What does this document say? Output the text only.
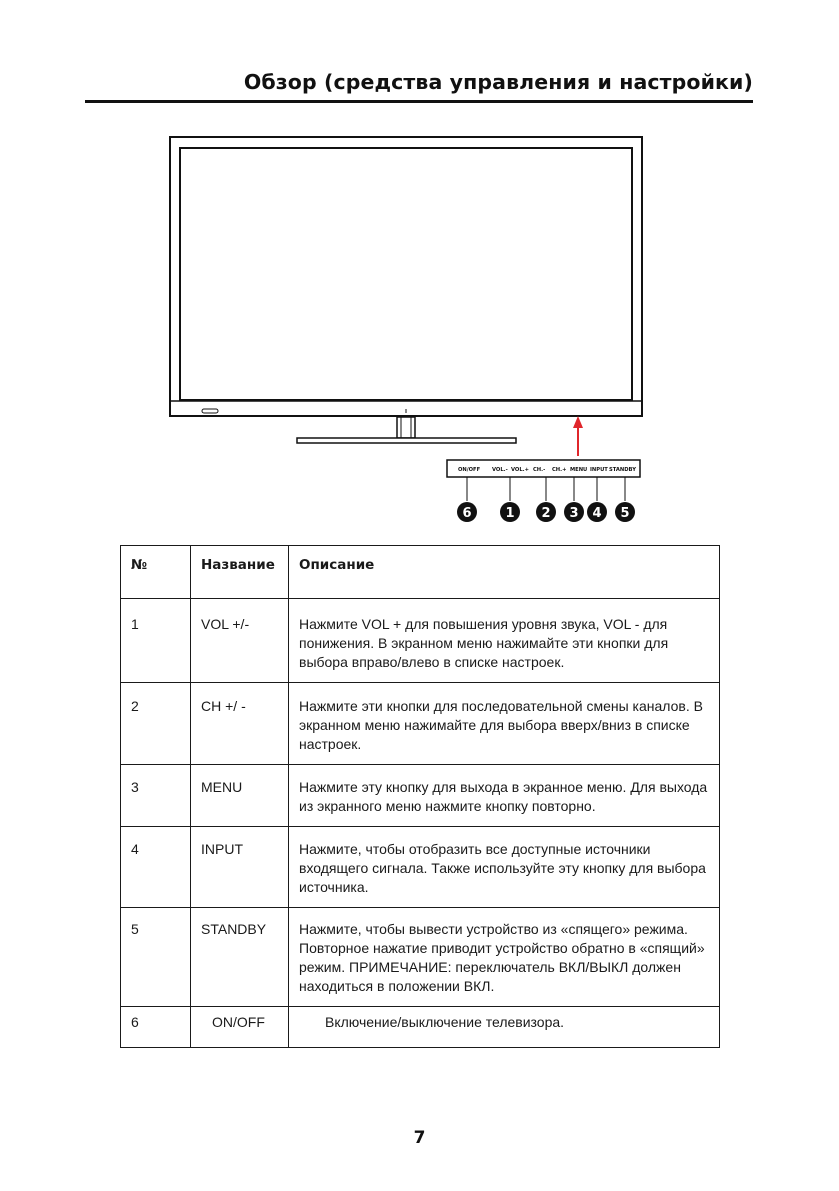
Обзор (средства управления и настройки)
ON/OFF VOL.- VOL.+ CH.- CH.+ MENU INPUT STANDBY
6	1 2 3 4 5
№	Название	Описание
1	VOL +/-	Нажмите VOL + для повышения уровня звука, VOL - для понижения. В экранном меню нажимайте эти кнопки для выбора вправо/влево в списке настроек.
2	CH +/ -	Нажмите эти кнопки для последовательной смены каналов. В экранном меню нажимайте для выбора вверх/вниз в списке настроек.
3	MENU	Нажмите эту кнопку для выхода в экранное меню. Для выхода из экранного меню нажмите кнопку повторно.
4	INPUT	Нажмите, чтобы отобразить все доступные источники входящего сигнала. Также используйте эту кнопку для выбора источника.
5	STANDBY	Нажмите, чтобы вывести устройство из «спящего» режима. Повторное нажатие приводит устройство обратно в «спящий» режим. ПРИМЕЧАНИЕ: переключатель ВКЛ/ВЫКЛ должен находиться в положении ВКЛ.
6	ON/OFF	Включение/выключение телевизора.
7
